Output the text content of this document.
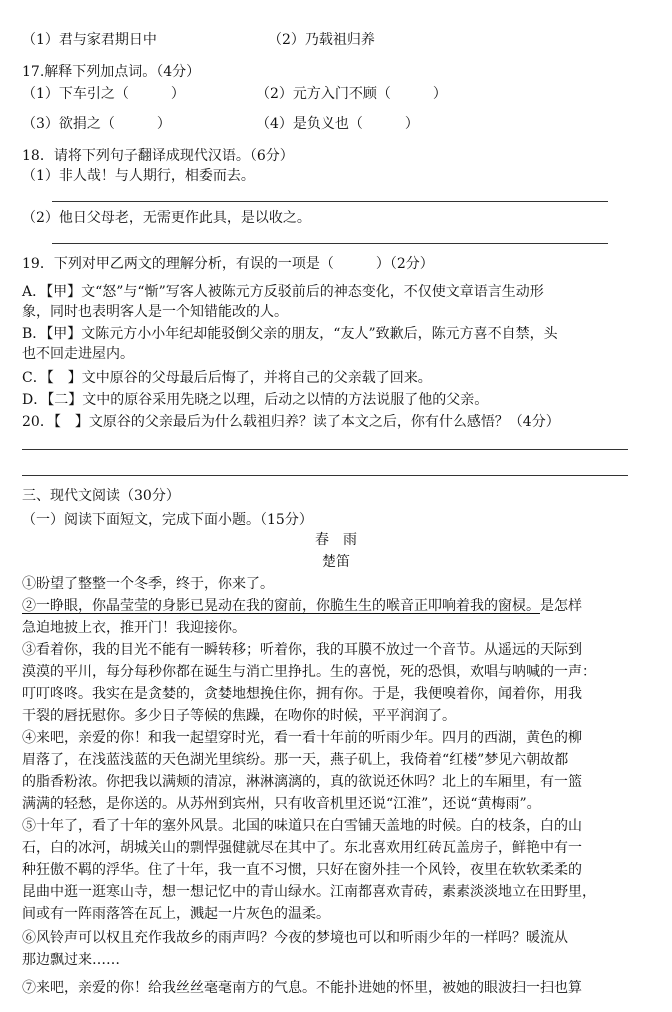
（1）君与家君期日中	（2）乃载祖归养
17.解释下列加点词。（4分）
（1）下车引之（　　　）	（2）元方入门不顾（　　　）
（3）欲捐之（　　　）	（4）是负义也（　　　）
18．请将下列句子翻译成现代汉语。（6分）
（1）非人哉！与人期行，相委而去。
（2）他日父母老，无需更作此具，是以收之。
19．下列对甲乙两文的理解分析，有误的一项是（　　　）（2分）
A．【甲】文“怒”与“惭”写客人被陈元方反驳前后的神态变化，不仅使文章语言生动形
象，同时也表明客人是一个知错能改的人。
B．【甲】文陈元方小小年纪却能驳倒父亲的朋友，“友人”致歉后，陈元方喜不自禁，头
也不回走进屋内。
C．【　】文中原谷的父母最后后悔了，并将自己的父亲载了回来。
D．【二】文中的原谷采用先晓之以理，后动之以情的方法说服了他的父亲。
20．【　】文原谷的父亲最后为什么载祖归养？读了本文之后，你有什么感悟？（4分）
三、现代文阅读（30分）
（一）阅读下面短文，完成下面小题。（15分）
春　雨
楚笛
①盼望了整整一个冬季，终于，你来了。
②一睁眼，你晶莹莹的身影已晃动在我的窗前，你脆生生的喉音正叩响着我的窗棂。是怎样
急迫地披上衣，推开门！我迎接你。
③看着你，我的目光不能有一瞬转移；听着你，我的耳膜不放过一个音节。从遥远的天际到
漠漠的平川，每分每秒你都在诞生与消亡里挣扎。生的喜悦，死的恐惧，欢唱与呐喊的一声：
叮叮咚咚。我实在是贪婪的，贪婪地想挽住你，拥有你。于是，我便嗅着你，闻着你，用我
干裂的唇抚慰你。多少日子等候的焦躁，在吻你的时候，平平润润了。
④来吧，亲爱的你！和我一起望穿时光，看一看十年前的听雨少年。四月的西湖，黄色的柳
眉落了，在浅蓝浅蓝的天色湖光里缤纷。那一天，燕子矶上，我倚着“红楼”梦见六朝故都
的脂香粉浓。你把我以满颊的清凉，淋淋漓漓的，真的欲说还休吗？北上的车厢里，有一篮
满满的轻愁，是你送的。从苏州到宾州，只有收音机里还说“江淮”，还说“黄梅雨”。
⑤十年了，看了十年的塞外风景。北国的味道只在白雪铺天盖地的时候。白的枝条，白的山
石，白的冰河，胡城关山的剽悍强健就尽在其中了。东北喜欢用红砖瓦盖房子，鲜艳中有一
种狂傲不羁的浮华。住了十年，我一直不习惯，只好在窗外挂一个风铃，夜里在软软柔柔的
昆曲中逛一逛寒山寺，想一想记忆中的青山绿水。江南都喜欢青砖，素素淡淡地立在田野里，
间或有一阵雨落答在瓦上，溅起一片灰色的温柔。
⑥风铃声可以权且充作我故乡的雨声吗？今夜的梦境也可以和听雨少年的一样吗？暖流从
那边飘过来……
⑦来吧，亲爱的你！给我丝丝毫毫南方的气息。不能扑进她的怀里，被她的眼波扫一扫也算
